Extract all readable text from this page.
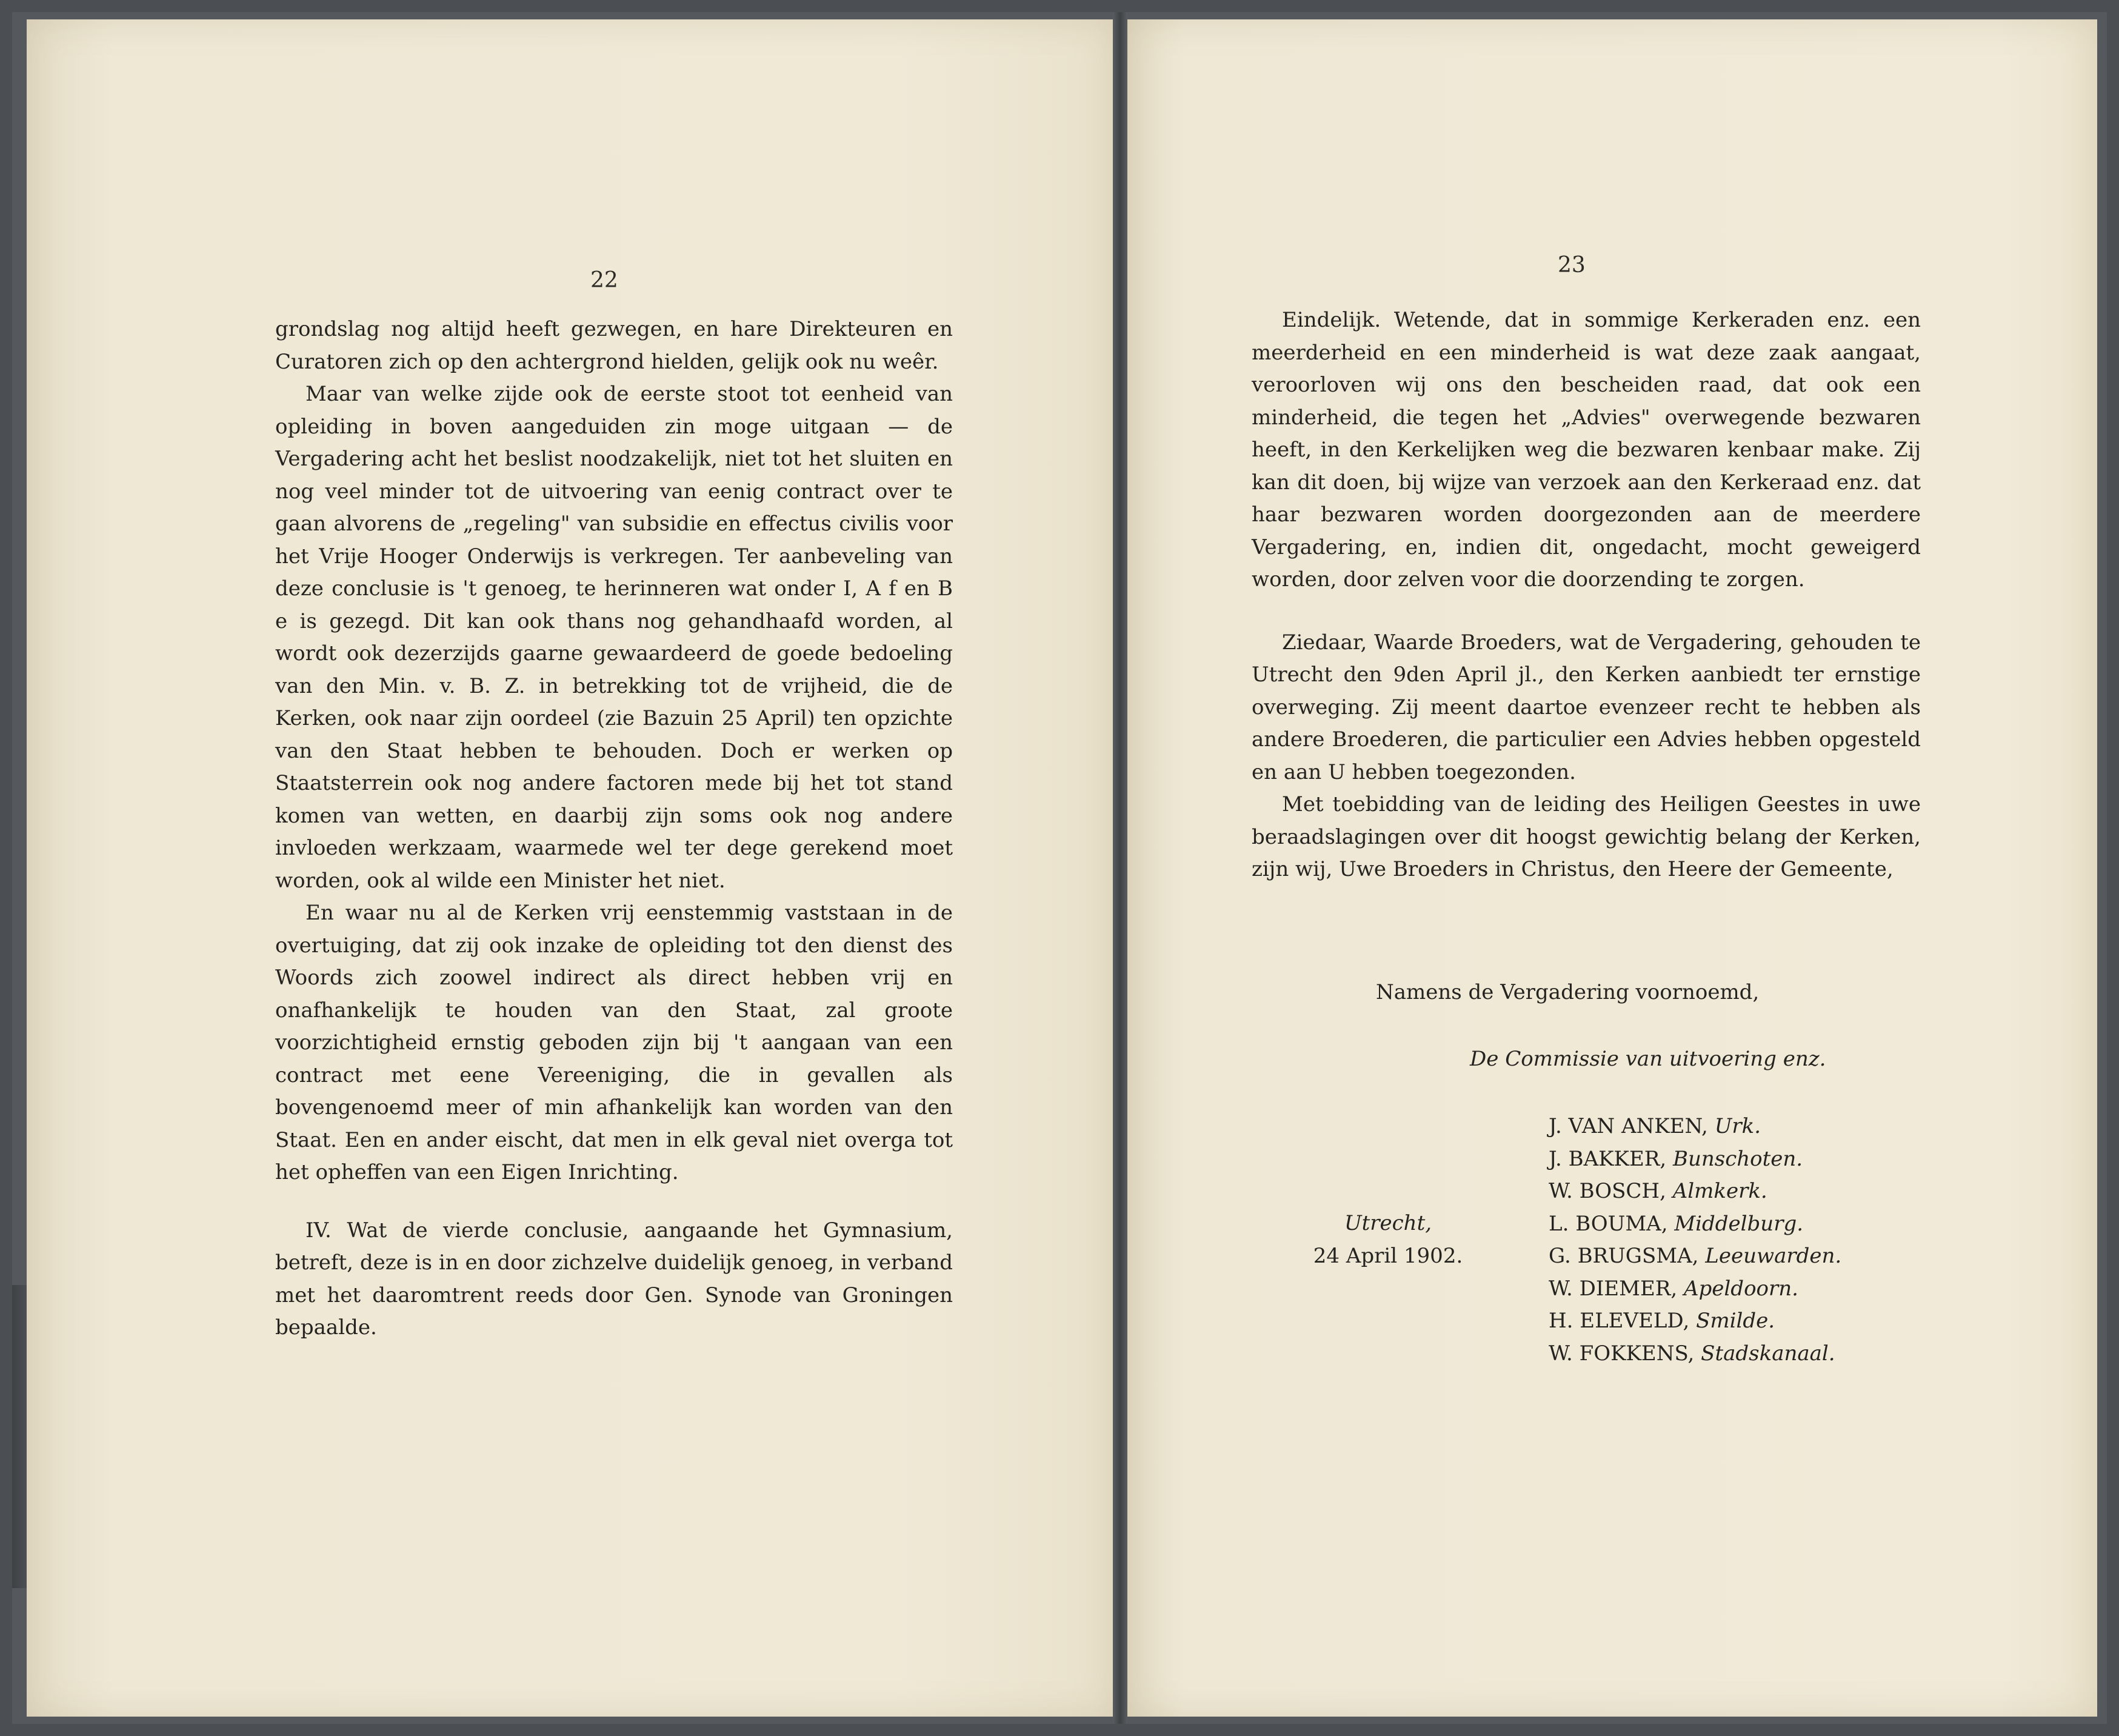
22

grondslag nog altijd heeft gezwegen, en hare Direkteuren en Curatoren zich op den achtergrond hielden, gelijk ook nu weêr.

Maar van welke zijde ook de eerste stoot tot eenheid van opleiding in boven aangeduiden zin moge uitgaan — de Vergadering acht het beslist noodzakelijk, niet tot het sluiten en nog veel minder tot de uitvoering van eenig contract over te gaan alvorens de „regeling" van subsidie en effectus civilis voor het Vrije Hooger Onderwijs is verkregen. Ter aanbeveling van deze conclusie is 't genoeg, te herinneren wat onder I, A f en B e is gezegd. Dit kan ook thans nog gehandhaafd worden, al wordt ook dezerzijds gaarne gewaardeerd de goede bedoeling van den Min. v. B. Z. in betrekking tot de vrijheid, die de Kerken, ook naar zijn oordeel (zie Bazuin 25 April) ten opzichte van den Staat hebben te behouden. Doch er werken op Staatsterrein ook nog andere factoren mede bij het tot stand komen van wetten, en daarbij zijn soms ook nog andere invloeden werkzaam, waarmede wel ter dege gerekend moet worden, ook al wilde een Minister het niet.

En waar nu al de Kerken vrij eenstemmig vaststaan in de overtuiging, dat zij ook inzake de opleiding tot den dienst des Woords zich zoowel indirect als direct hebben vrij en onafhankelijk te houden van den Staat, zal groote voorzichtigheid ernstig geboden zijn bij 't aangaan van een contract met eene Vereeniging, die in gevallen als bovengenoemd meer of min afhankelijk kan worden van den Staat. Een en ander eischt, dat men in elk geval niet overga tot het opheffen van een Eigen Inrichting.

IV. Wat de vierde conclusie, aangaande het Gymnasium, betreft, deze is in en door zichzelve duidelijk genoeg, in verband met het daaromtrent reeds door Gen. Synode van Groningen bepaalde.

23

Eindelijk. Wetende, dat in sommige Kerkeraden enz. een meerderheid en een minderheid is wat deze zaak aangaat, veroorloven wij ons den bescheiden raad, dat ook een minderheid, die tegen het „Advies" overwegende bezwaren heeft, in den Kerkelijken weg die bezwaren kenbaar make. Zij kan dit doen, bij wijze van verzoek aan den Kerkeraad enz. dat haar bezwaren worden doorgezonden aan de meerdere Vergadering, en, indien dit, ongedacht, mocht geweigerd worden, door zelven voor die doorzending te zorgen.

Ziedaar, Waarde Broeders, wat de Vergadering, gehouden te Utrecht den 9den April jl., den Kerken aanbiedt ter ernstige overweging. Zij meent daartoe evenzeer recht te hebben als andere Broederen, die particulier een Advies hebben opgesteld en aan U hebben toegezonden.

Met toebidding van de leiding des Heiligen Geestes in uwe beraadslagingen over dit hoogst gewichtig belang der Kerken, zijn wij, Uwe Broeders in Christus, den Heere der Gemeente,

Namens de Vergadering voornoemd,
De Commissie van uitvoering enz.
Utrecht,
24 April 1902.
J. VAN ANKEN, Urk.
J. BAKKER, Bunschoten.
W. BOSCH, Almkerk.
L. BOUMA, Middelburg.
G. BRUGSMA, Leeuwarden.
W. DIEMER, Apeldoorn.
H. ELEVELD, Smilde.
W. FOKKENS, Stadskanaal.
